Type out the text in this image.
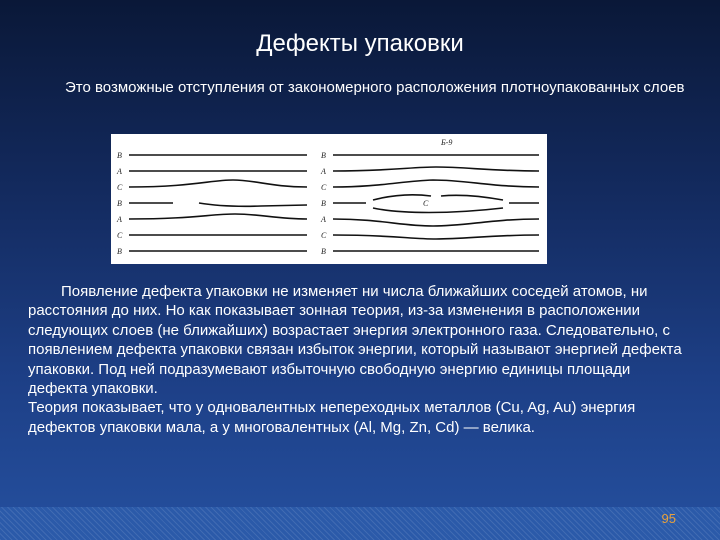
Дефекты упаковки
Это возможные отступления от закономерного расположения плотноупакованных слоев
В
А
С
В
А
С
В
В
А
С
В
А
С
В
С
Б-9

Появление дефекта упаковки не изменяет ни числа ближайших соседей атомов, ни расстояния до них. Но как показывает зонная теория, из-за изменения в расположении следующих слоев (не ближайших) возрастает энергия электронного газа. Следовательно, с появлением дефекта упаковки связан избыток энергии, который называют энергией дефекта упаковки. Под ней подразумевают избыточную свободную энергию единицы площади дефекта упаковки.

Теория показывает, что у одновалентных непереходных металлов (Cu, Ag, Au) энергия дефектов упаковки мала, а у многовалентных (Al, Mg, Zn, Cd) — велика.

95
